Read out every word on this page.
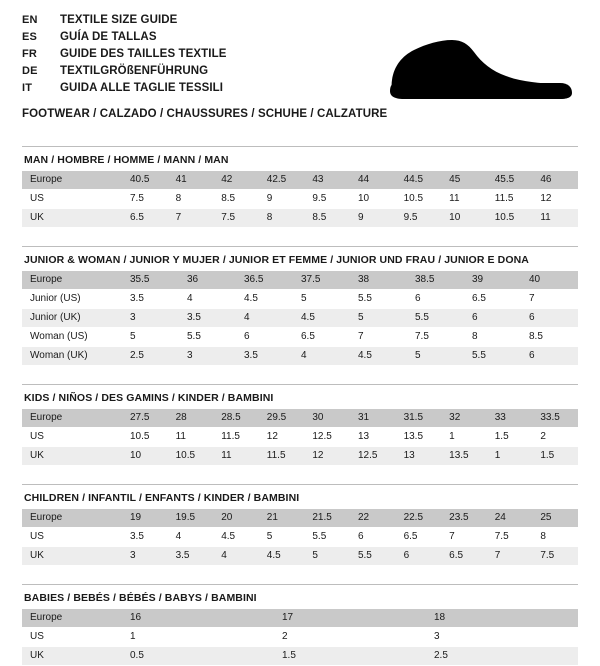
EN	TEXTILE SIZE GUIDE
ES	GUÍA DE TALLAS
FR	GUIDE DES TAILLES TEXTILE
DE	TEXTILGRÖßENFÜHRUNG
IT	GUIDA ALLE TAGLIE TESSILI
FOOTWEAR / CALZADO / CHAUSSURES / SCHUHE / CALZATURE
MAN / HOMBRE / HOMME / MANN / MAN
Europe	40.5	41	42	42.5	43	44	44.5	45	45.5	46
US	7.5	8	8.5	9	9.5	10	10.5	11	11.5	12
UK	6.5	7	7.5	8	8.5	9	9.5	10	10.5	11
JUNIOR & WOMAN / JUNIOR Y MUJER / JUNIOR ET FEMME / JUNIOR UND FRAU / JUNIOR E DONA
Europe	35.5	36	36.5	37.5	38	38.5	39	40
Junior (US)	3.5	4	4.5	5	5.5	6	6.5	7
Junior (UK)	3	3.5	4	4.5	5	5.5	6	6
Woman (US)	5	5.5	6	6.5	7	7.5	8	8.5
Woman (UK)	2.5	3	3.5	4	4.5	5	5.5	6
KIDS / NIÑOS / DES GAMINS / KINDER / BAMBINI
Europe	27.5	28	28.5	29.5	30	31	31.5	32	33	33.5
US	10.5	11	11.5	12	12.5	13	13.5	1	1.5	2
UK	10	10.5	11	11.5	12	12.5	13	13.5	1	1.5
CHILDREN / INFANTIL / ENFANTS / KINDER / BAMBINI
Europe	19	19.5	20	21	21.5	22	22.5	23.5	24	25
US	3.5	4	4.5	5	5.5	6	6.5	7	7.5	8
UK	3	3.5	4	4.5	5	5.5	6	6.5	7	7.5
BABIES / BEBÉS / BÉBÉS / BABYS / BAMBINI
Europe	16	17	18
US	1	2	3
UK	0.5	1.5	2.5
